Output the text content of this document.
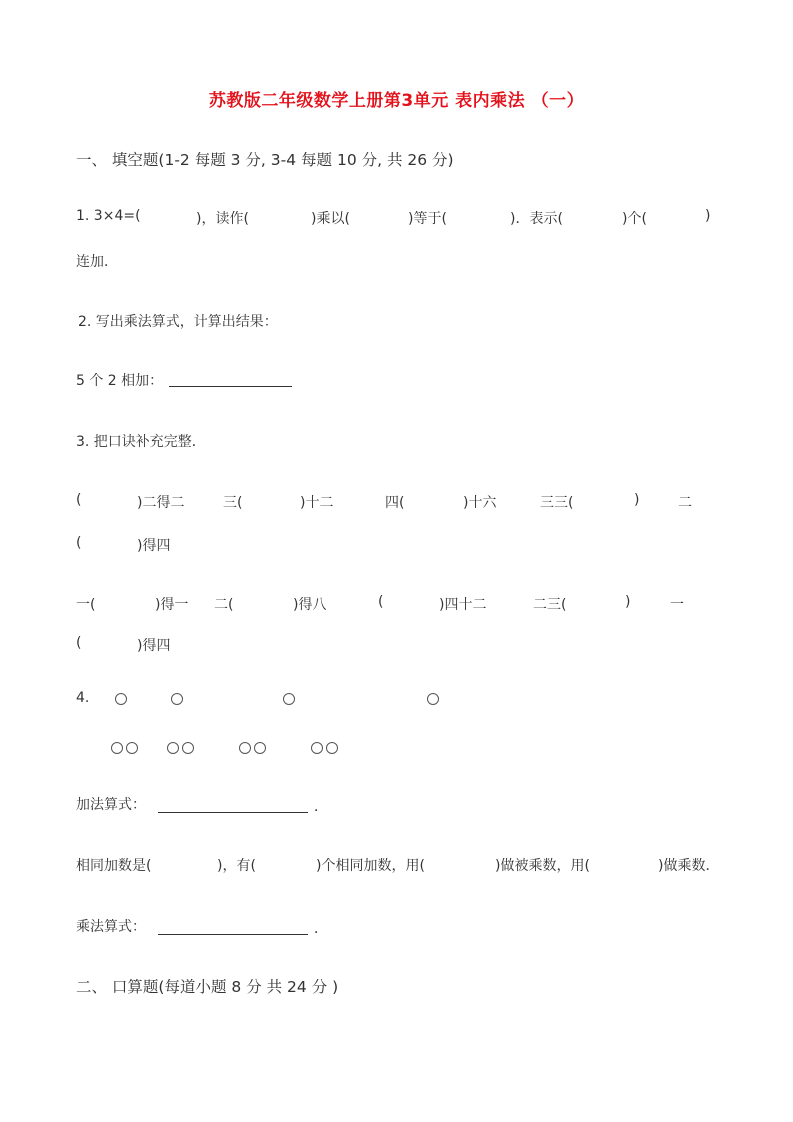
苏教版二年级数学上册第3单元 表内乘法 （一）
一、 填空题(1-2 每题 3 分, 3-4 每题 10 分, 共 26 分)
1. 3×4=(	)，读作(	)乘以(	)等于(	)．表示(	)个(	)
连加．
2. 写出乘法算式，计算出结果：
5 个 2 相加：
3. 把口诀补充完整．
(	)二得二	三(	)十二	四(	)十六	三三(	)	二
(	)得四
一(	)得一 二(	)得八	(	)四十二	二三(	)	一
(	)得四
4.
加法算式：	．
相同加数是(	)，有(	)个相同加数，用(	)做被乘数，用(	)做乘数．
乘法算式：	．
二、 口算题(每道小题 8 分 共 24 分 )
